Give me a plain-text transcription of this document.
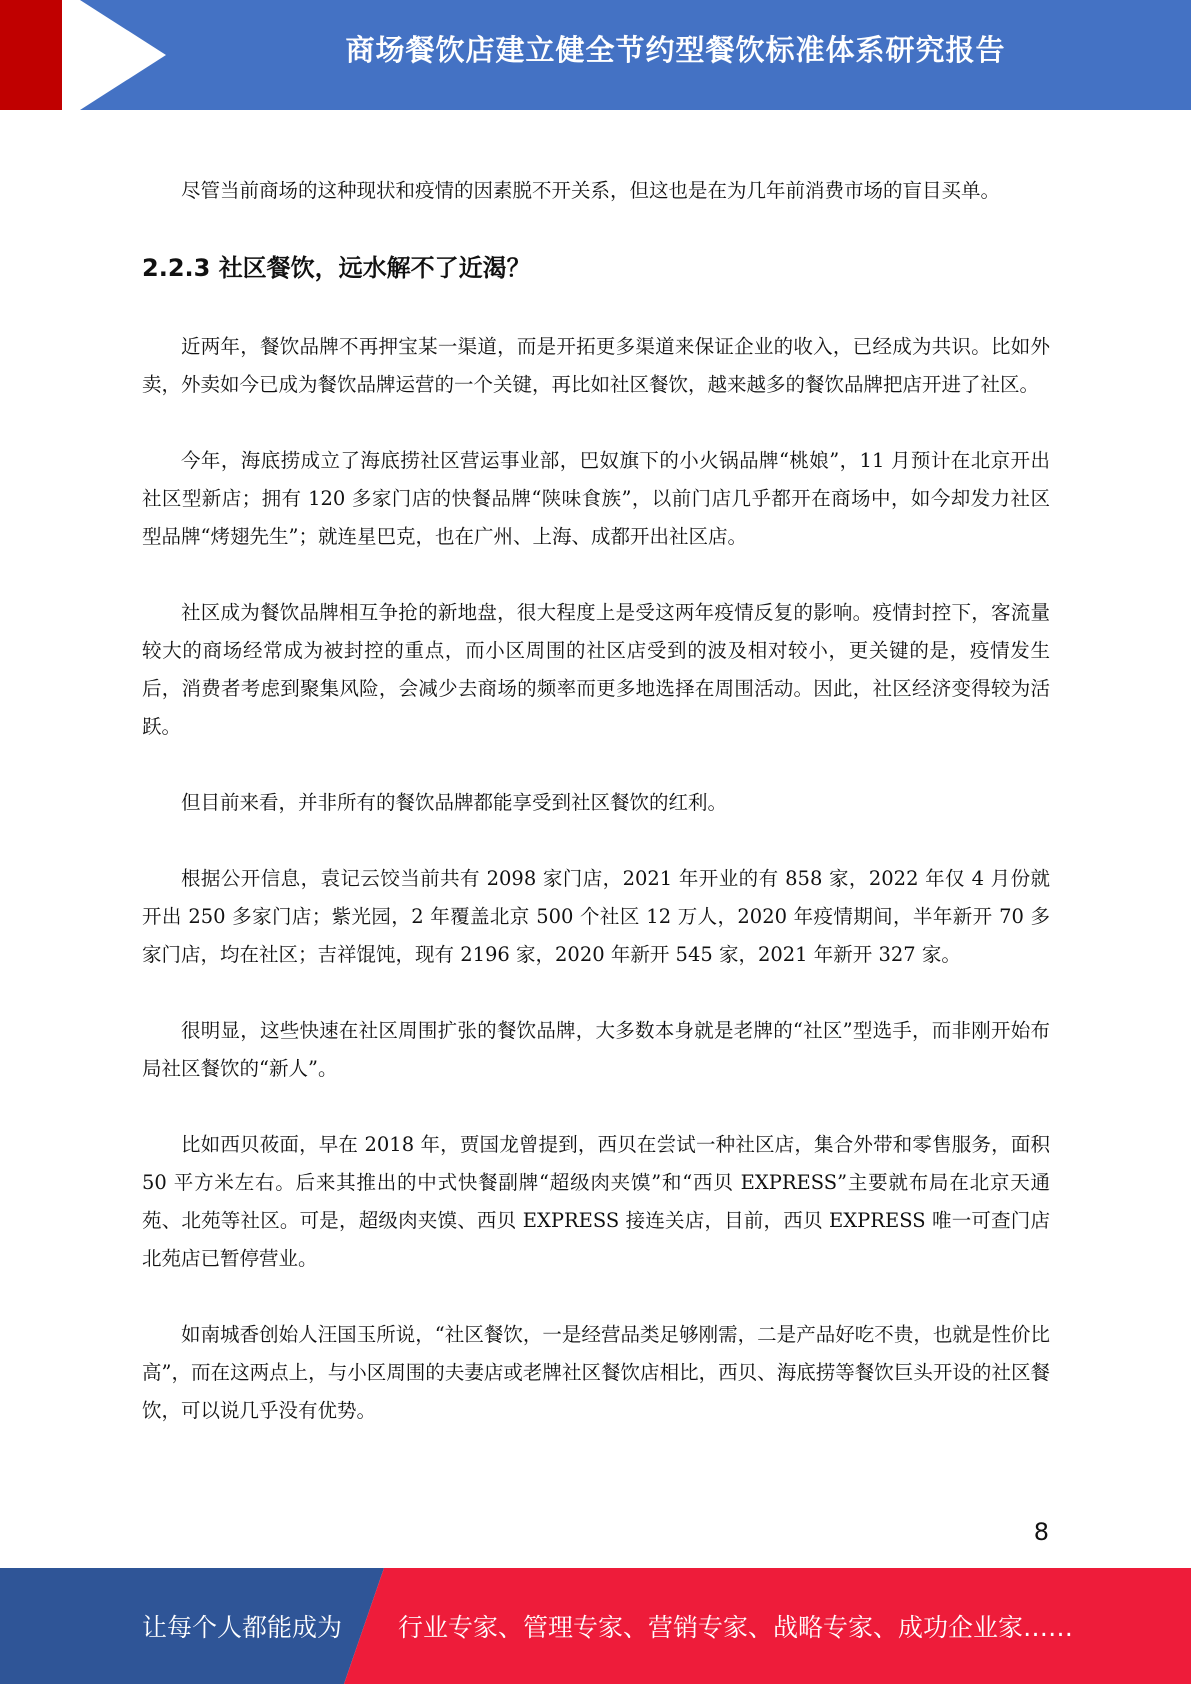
商场餐饮店建立健全节约型餐饮标准体系研究报告

尽管当前商场的这种现状和疫情的因素脱不开关系，但这也是在为几年前消费市场的盲目买单。

2.2.3 社区餐饮，远水解不了近渴？

近两年，餐饮品牌不再押宝某一渠道，而是开拓更多渠道来保证企业的收入，已经成为共识。比如外卖，外卖如今已成为餐饮品牌运营的一个关键，再比如社区餐饮，越来越多的餐饮品牌把店开进了社区。

今年，海底捞成立了海底捞社区营运事业部，巴奴旗下的小火锅品牌“桃娘”，11 月预计在北京开出社区型新店；拥有 120 多家门店的快餐品牌“陕味食族”，以前门店几乎都开在商场中，如今却发力社区型品牌“烤翅先生”；就连星巴克，也在广州、上海、成都开出社区店。

社区成为餐饮品牌相互争抢的新地盘，很大程度上是受这两年疫情反复的影响。疫情封控下，客流量较大的商场经常成为被封控的重点，而小区周围的社区店受到的波及相对较小，更关键的是，疫情发生后，消费者考虑到聚集风险，会减少去商场的频率而更多地选择在周围活动。因此，社区经济变得较为活跃。

但目前来看，并非所有的餐饮品牌都能享受到社区餐饮的红利。

根据公开信息，袁记云饺当前共有 2098 家门店，2021 年开业的有 858 家，2022 年仅 4 月份就开出 250 多家门店；紫光园，2 年覆盖北京 500 个社区 12 万人，2020 年疫情期间，半年新开 70 多家门店，均在社区；吉祥馄饨，现有 2196 家，2020 年新开 545 家，2021 年新开 327 家。

很明显，这些快速在社区周围扩张的餐饮品牌，大多数本身就是老牌的“社区”型选手，而非刚开始布局社区餐饮的“新人”。

比如西贝莜面，早在 2018 年，贾国龙曾提到，西贝在尝试一种社区店，集合外带和零售服务，面积 50 平方米左右。后来其推出的中式快餐副牌“超级肉夹馍”和“西贝 EXPRESS”主要就布局在北京天通苑、北苑等社区。可是，超级肉夹馍、西贝 EXPRESS 接连关店，目前，西贝 EXPRESS 唯一可查门店北苑店已暂停营业。

如南城香创始人汪国玉所说，“社区餐饮，一是经营品类足够刚需，二是产品好吃不贵，也就是性价比高”，而在这两点上，与小区周围的夫妻店或老牌社区餐饮店相比，西贝、海底捞等餐饮巨头开设的社区餐饮，可以说几乎没有优势。

8
让每个人都能成为 行业专家、管理专家、营销专家、战略专家、成功企业家……
